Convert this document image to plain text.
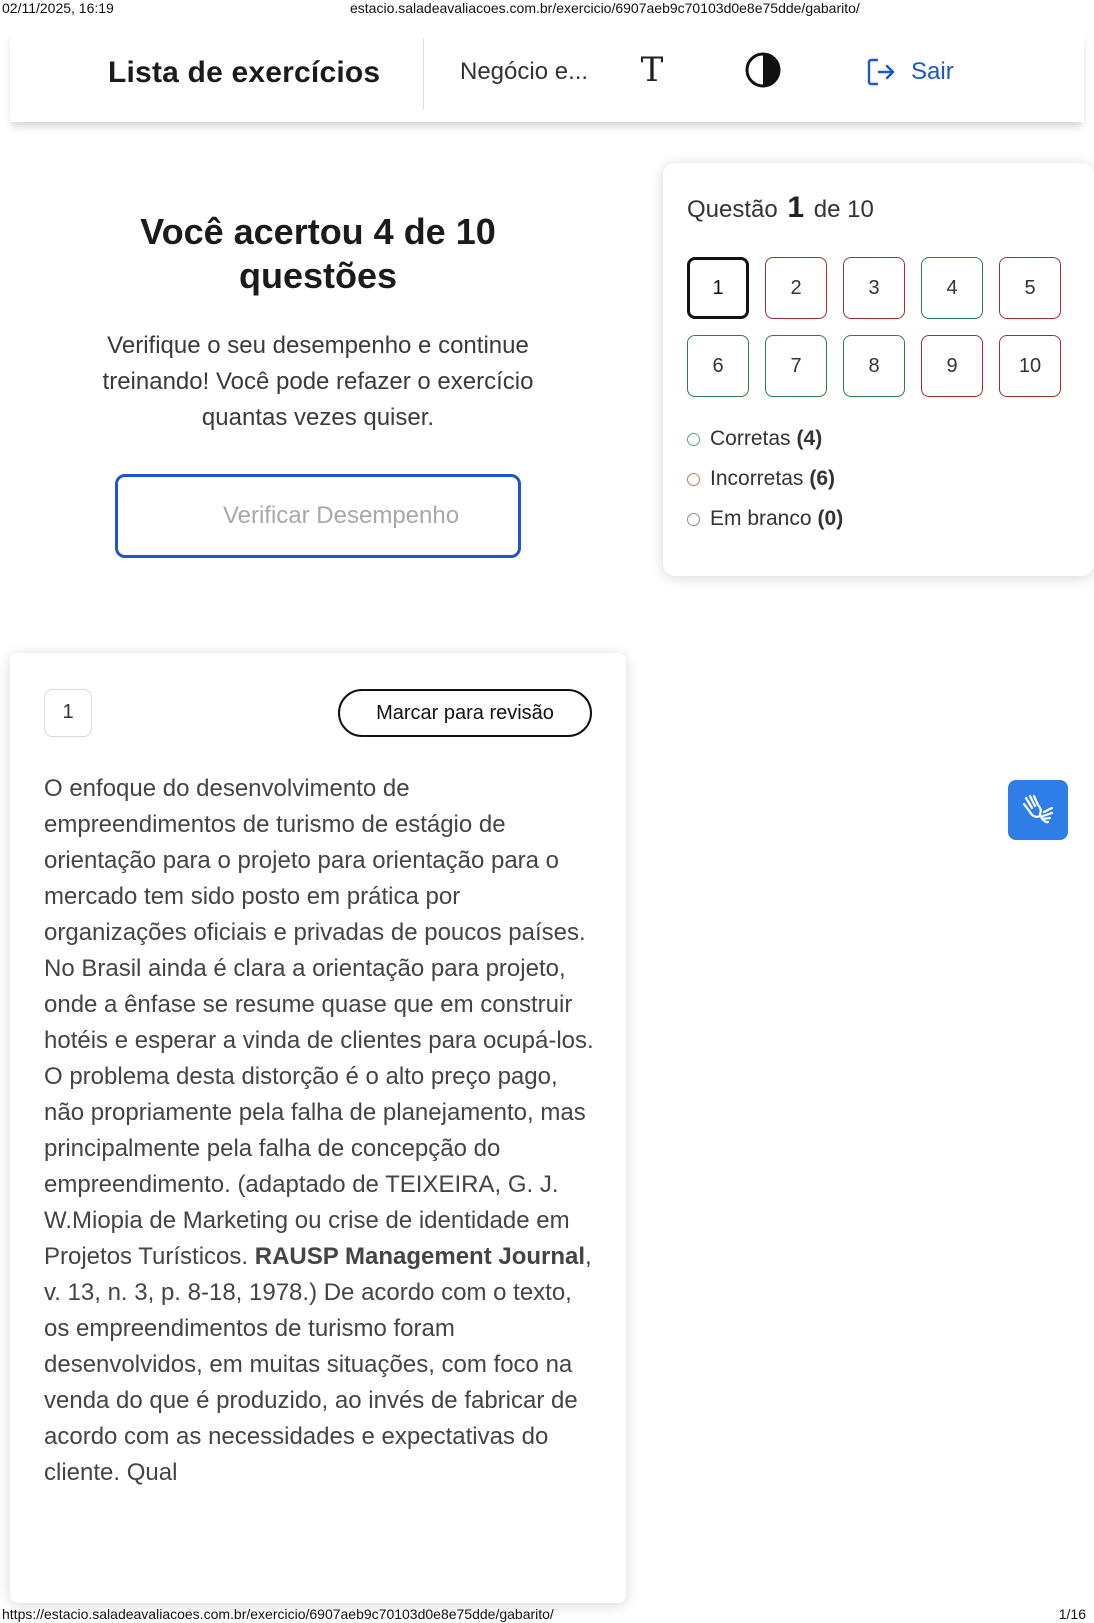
02/11/2025, 16:19	estacio.saladeavaliacoes.com.br/exercicio/6907aeb9c70103d0e8e75dde/gabarito/
Lista de exercícios	Negócio e... T	Sair
Você acertou 4 de 10 questões
Verifique o seu desempenho e continue treinando! Você pode refazer o exercício quantas vezes quiser.
Verificar Desempenho
Questão 1 de 10
1	2	3	4	5
6	7	8	9	10
Corretas (4)
Incorretas (6)
Em branco (0)
1	Marcar para revisão
O enfoque do desenvolvimento de empreendimentos de turismo de estágio de orientação para o projeto para orientação para o mercado tem sido posto em prática por organizações oficiais e privadas de poucos países. No Brasil ainda é clara a orientação para projeto, onde a ênfase se resume quase que em construir hotéis e esperar a vinda de clientes para ocupá-los. O problema desta distorção é o alto preço pago, não propriamente pela falha de planejamento, mas principalmente pela falha de concepção do empreendimento. (adaptado de TEIXEIRA, G. J. W.Miopia de Marketing ou crise de identidade em Projetos Turísticos. RAUSP Management Journal, v. 13, n. 3, p. 8-18, 1978.) De acordo com o texto, os empreendimentos de turismo foram desenvolvidos, em muitas situações, com foco na venda do que é produzido, ao invés de fabricar de acordo com as necessidades e expectativas do cliente. Qual
https://estacio.saladeavaliacoes.com.br/exercicio/6907aeb9c70103d0e8e75dde/gabarito/	1/16
